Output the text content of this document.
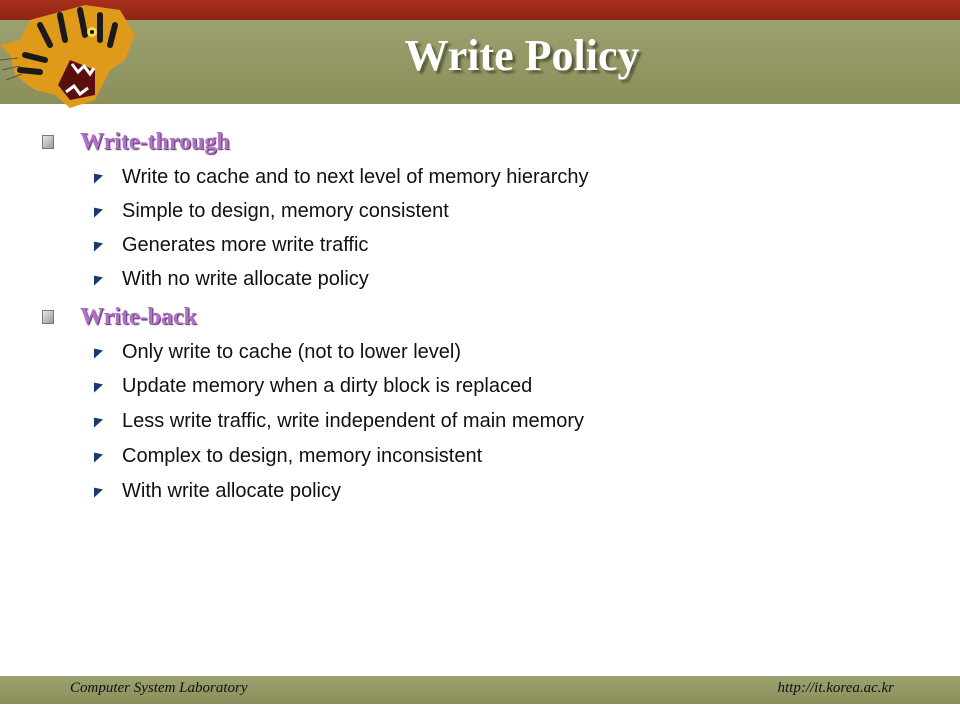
Write Policy
Write-through
Write to cache and to next level of memory hierarchy
Simple to design, memory consistent
Generates more write traffic
With no write allocate policy
Write-back
Only write to cache (not to lower level)
Update memory when a dirty block is replaced
Less write traffic, write independent of main memory
Complex to design, memory inconsistent
With write allocate policy
Computer System Laboratory	http://it.korea.ac.kr
